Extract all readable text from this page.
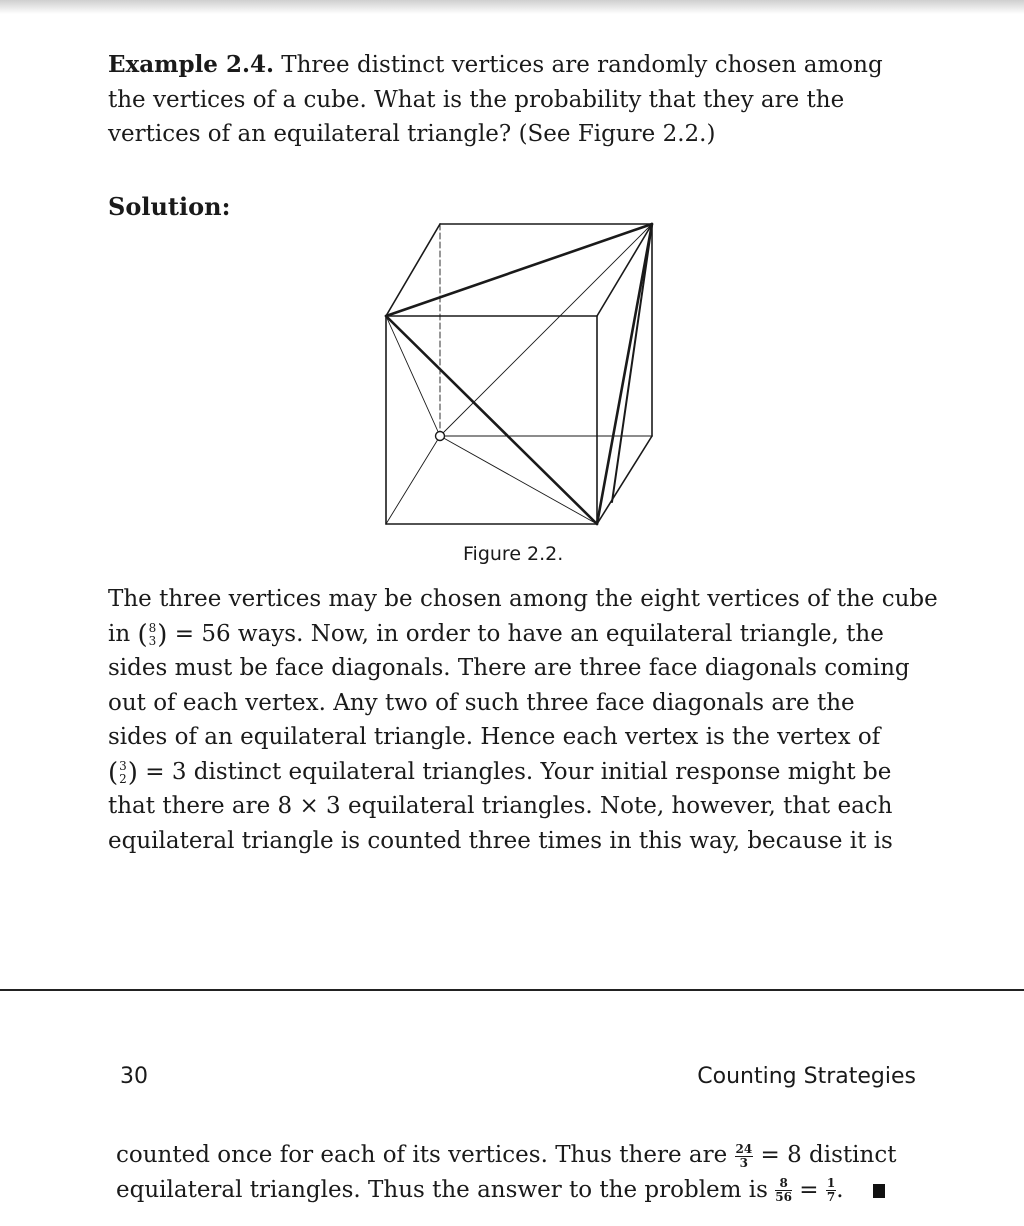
Example 2.4. Three distinct vertices are randomly chosen among
the vertices of a cube. What is the probability that they are the
vertices of an equilateral triangle? (See Figure 2.2.)
Solution:
Figure 2.2.
The three vertices may be chosen among the eight vertices of the cube
in ( 8
3 ) = 56 ways. Now, in order to have an equilateral triangle, the
sides must be face diagonals. There are three face diagonals coming
out of each vertex. Any two of such three face diagonals are the
sides of an equilateral triangle. Hence each vertex is the vertex of
( 3
2 ) = 3 distinct equilateral triangles. Your initial response might be
that there are 8 × 3 equilateral triangles. Note, however, that each
equilateral triangle is counted three times in this way, because it is
30	Counting Strategies
counted once for each of its vertices. Thus there are $\frac{24}{3} = 8$ distinct
equilateral triangles. Thus the answer to the problem is $\frac{8}{56} = \frac{1}{7}$ .
